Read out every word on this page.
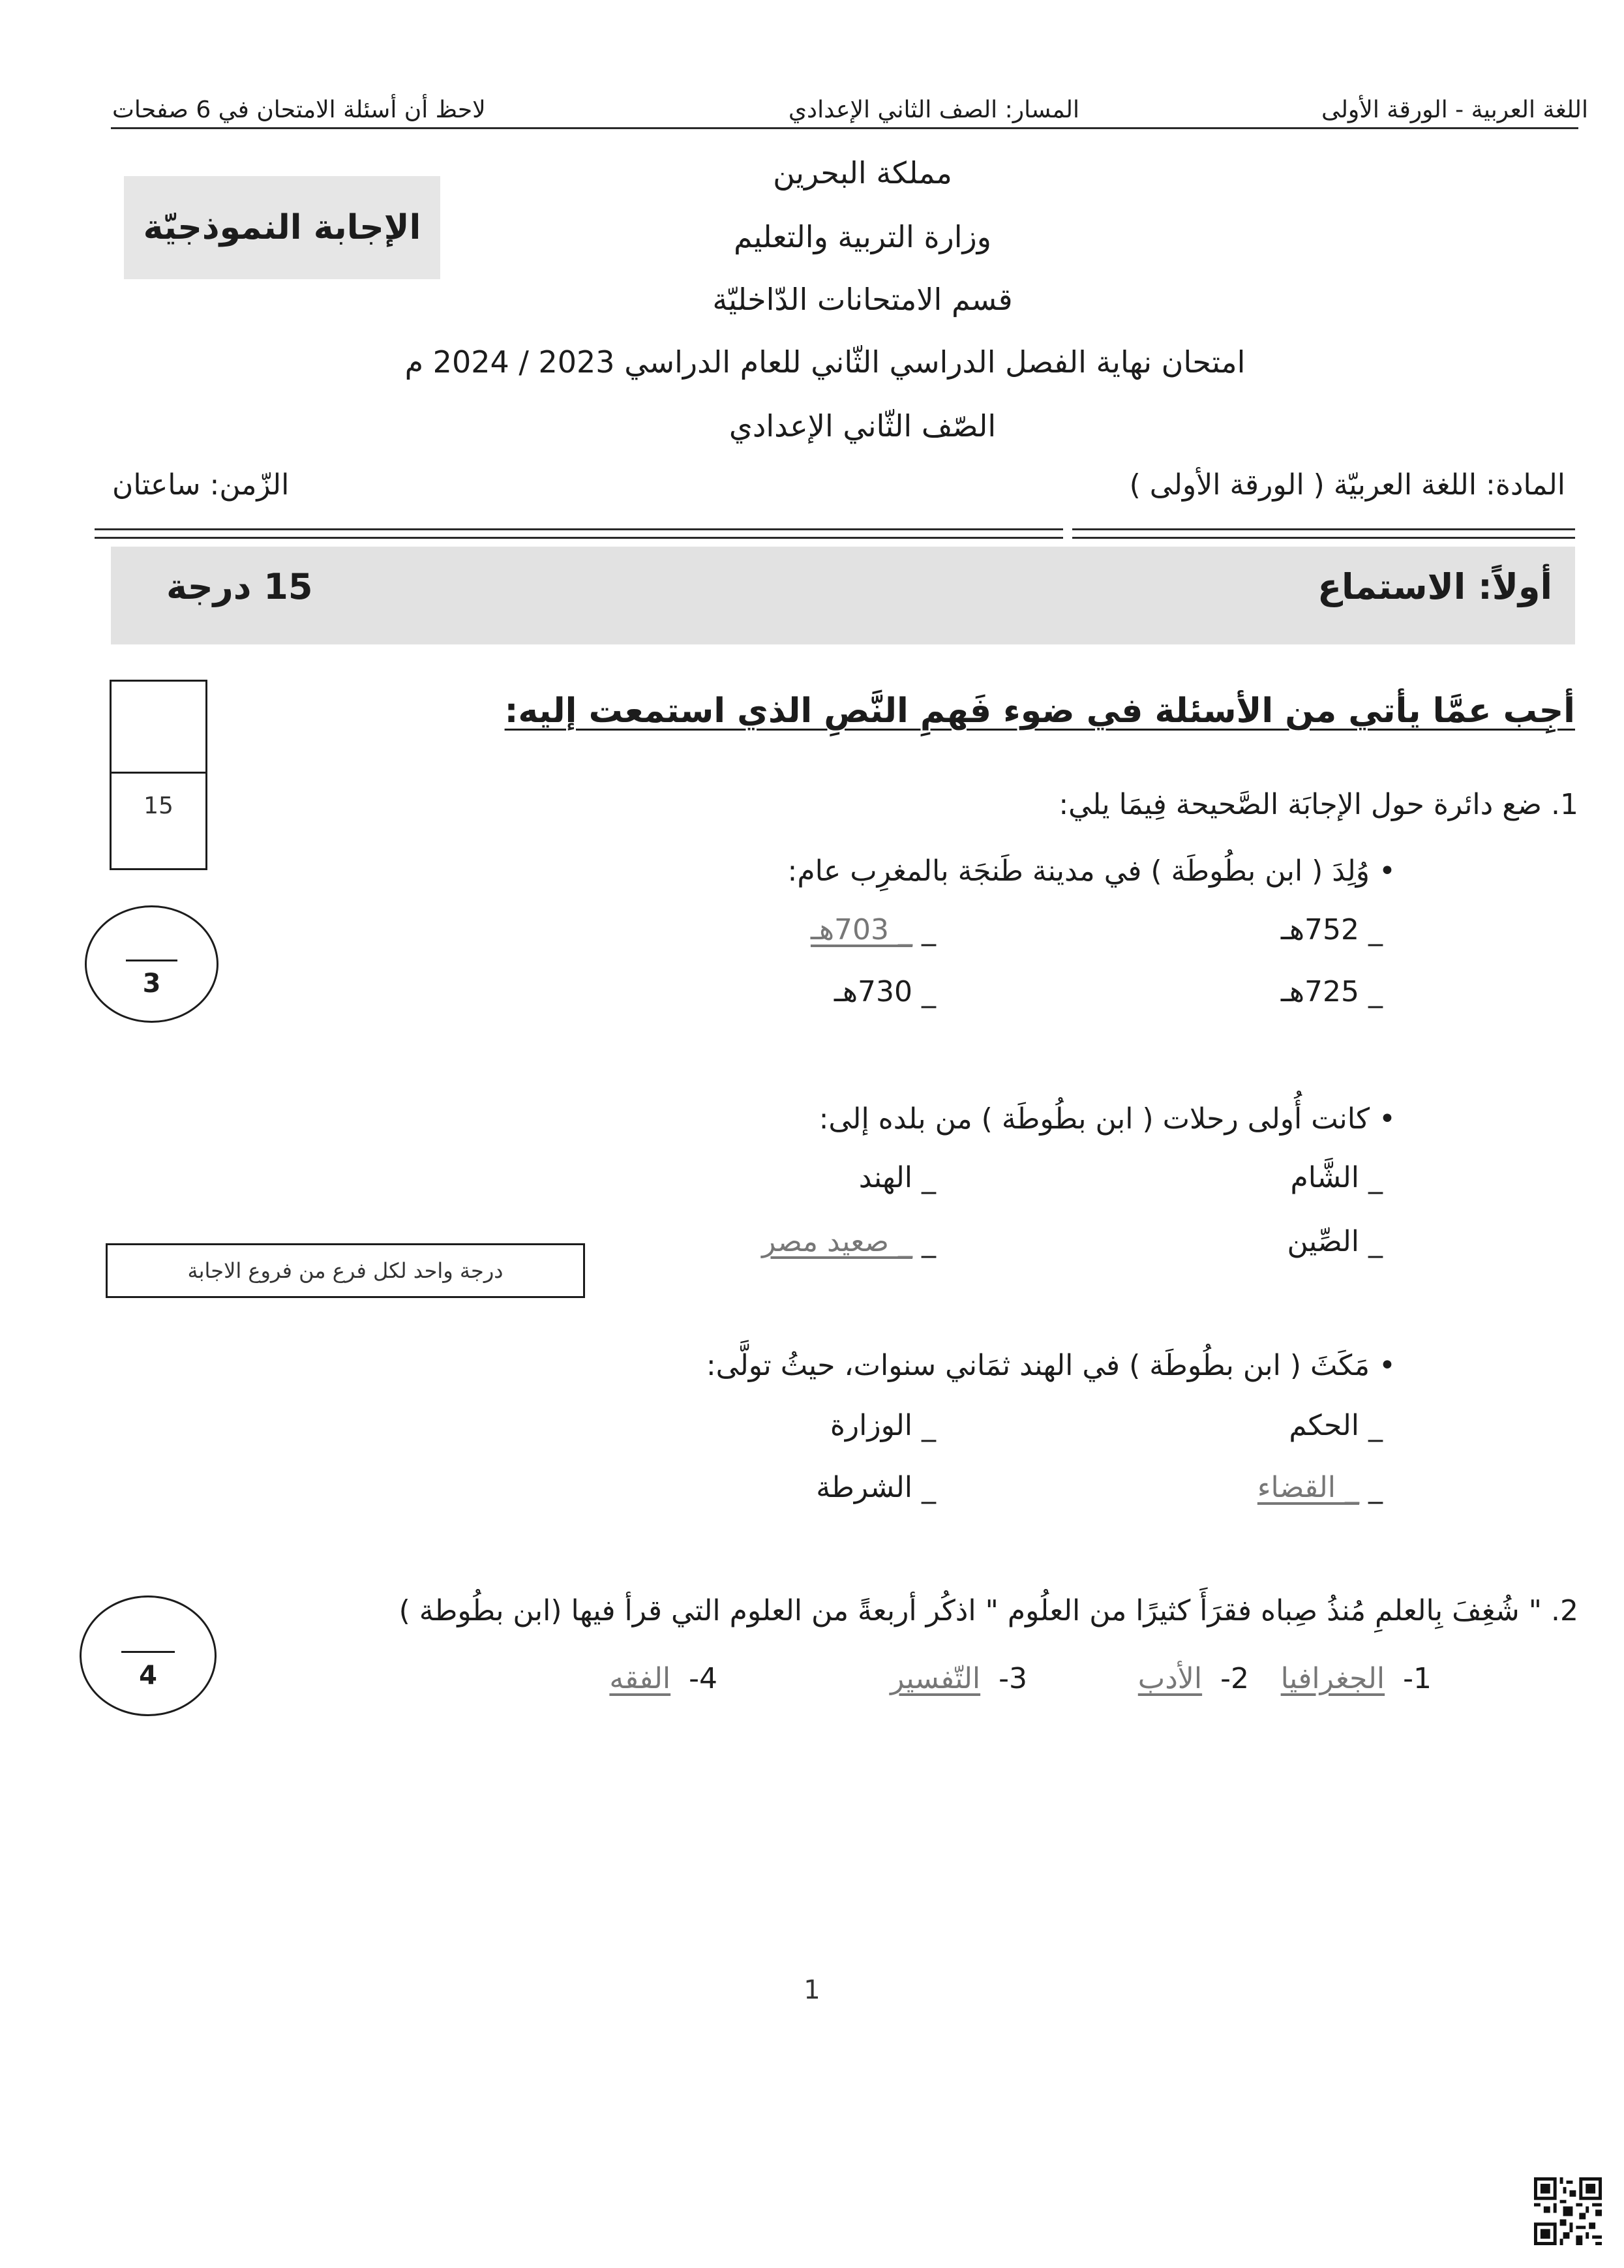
اللغة العربية - الورقة الأولى
المسار: الصف الثاني الإعدادي
لاحظ أن أسئلة الامتحان في 6 صفحات
مملكة البحرين
وزارة التربية والتعليم
قسم الامتحانات الدّاخليّة
امتحان نهاية الفصل الدراسي الثّاني للعام الدراسي 2023 / 2024 م
الصّف الثّاني الإعدادي
الإجابة النموذجيّة
المادة: اللغة العربيّة ( الورقة الأولى )
الزّمن: ساعتان
أولاً: الاستماع
15 درجة
15
أجِب عمَّا يأتي من الأسئلة في ضوء فَهمِ النَّصِ الذي استمعت إليه:
1. ضع دائرة حول الإجابَة الصَّحيحة فِيمَا يلي:
• وُلِدَ ( ابن بطُوطَة ) في مدينة طَنجَة بالمغرِب عام:
_ 752هـ
_ _ 703هـ
_ 725هـ
_ 730هـ
• كانت أُولى رحلات ( ابن بطُوطَة ) من بلده إلى:
_ الشَّام
_ الهند
_ الصِّين
_ _ صعيد مصر
• مَكَثَ ( ابن بطُوطَة ) في الهند ثمَاني سنوات، حيثُ تولَّى:
_ الحكم
_ الوزارة
_ _ القضاء
_ الشرطة
3
درجة واحد لكل فرع من فروع الاجابة
2. " شُغِفَ بِالعلمِ مُنذُ صِباه فقرَأَ كثيرًا من العلُوم " اذكُر أربعةً من العلوم التي قرأ فيها (ابن بطُوطة )
1-  الجغرافيا
2-  الأدب
3-  التّفسير
4-  الفقه
4
1
